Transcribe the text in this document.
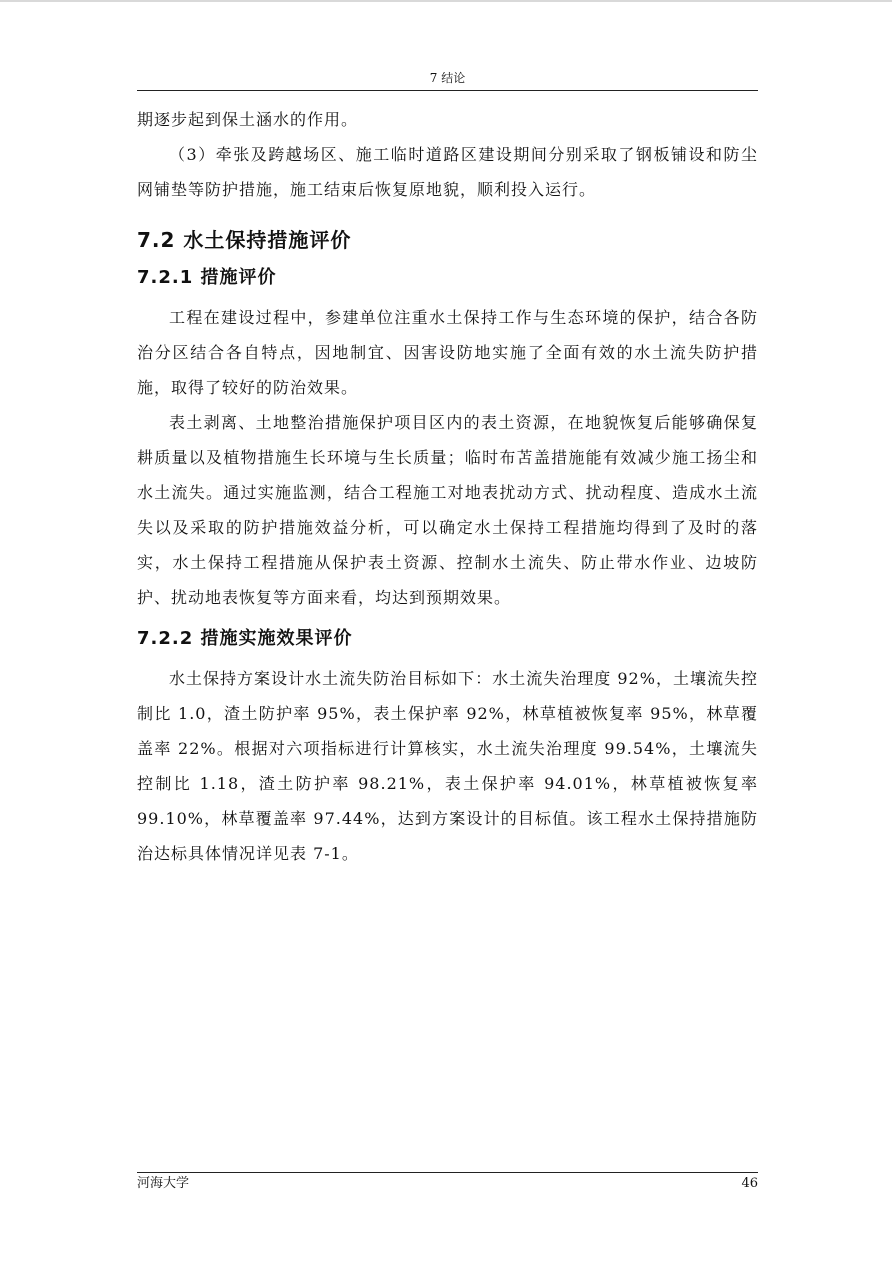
7 结论

期逐步起到保土涵水的作用。

（3）牵张及跨越场区、施工临时道路区建设期间分别采取了钢板铺设和防尘网铺垫等防护措施，施工结束后恢复原地貌，顺利投入运行。

7.2 水土保持措施评价
7.2.1 措施评价

工程在建设过程中，参建单位注重水土保持工作与生态环境的保护，结合各防治分区结合各自特点，因地制宜、因害设防地实施了全面有效的水土流失防护措施，取得了较好的防治效果。

表土剥离、土地整治措施保护项目区内的表土资源，在地貌恢复后能够确保复耕质量以及植物措施生长环境与生长质量；临时布苫盖措施能有效减少施工扬尘和水土流失。通过实施监测，结合工程施工对地表扰动方式、扰动程度、造成水土流失以及采取的防护措施效益分析，可以确定水土保持工程措施均得到了及时的落实，水土保持工程措施从保护表土资源、控制水土流失、防止带水作业、边坡防护、扰动地表恢复等方面来看，均达到预期效果。

7.2.2 措施实施效果评价

水土保持方案设计水土流失防治目标如下：水土流失治理度 92%，土壤流失控制比 1.0，渣土防护率 95%，表土保护率 92%，林草植被恢复率 95%，林草覆盖率 22%。根据对六项指标进行计算核实，水土流失治理度 99.54%，土壤流失控制比 1.18，渣土防护率 98.21%，表土保护率 94.01%，林草植被恢复率 99.10%，林草覆盖率 97.44%，达到方案设计的目标值。该工程水土保持措施防治达标具体情况详见表 7-1。

河海大学	46
